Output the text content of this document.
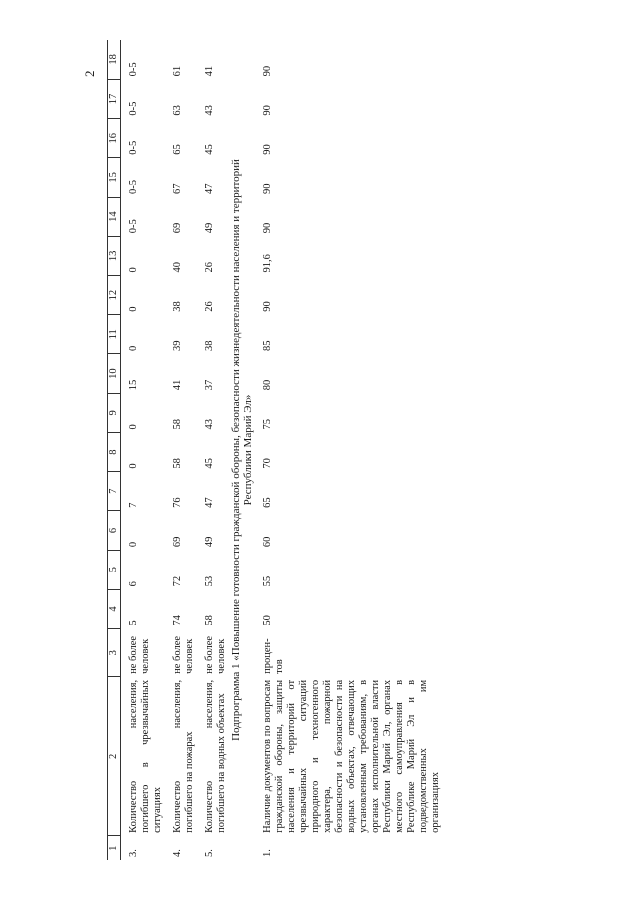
2
1	2	3	4	5	6	7	8	9	10	11	12	13	14	15	16	17	18
3.	Количество населения, погибшего в чрезвычайных ситуациях	не более человек	5	6	0	7	0	0	15	0	0	0	0-5	0-5	0-5	0-5	0-5
4.	Количество населения, погибшего на пожарах	не более человек	74	72	69	76	58	58	41	39	38	40	69	67	65	63	61
5.	Количество населения, погибшего на водных объектах	не более человек	58	53	49	47	45	43	37	38	26	26	49	47	45	43	41

Подпрограмма 1 «Повышение готовности гражданской обороны, безопасности жизнедеятельности населения и территорий Республики Марий Эл»																	

1.	Наличие документов по вопросам гражданской обороны, защиты населения и территорий от чрезвычайных ситуаций природного и техногенного характера, пожарной безопасности и безопасности на водных объектах, отвечающих установленным требованиям, в органах исполнительной власти Республики Марий Эл, органах местного самоуправления в Республике Марий Эл и в подведомственных им организациях	процен-тов	50	55	60	65	70	75	80	85	90	91,6	90	90	90	90	90
